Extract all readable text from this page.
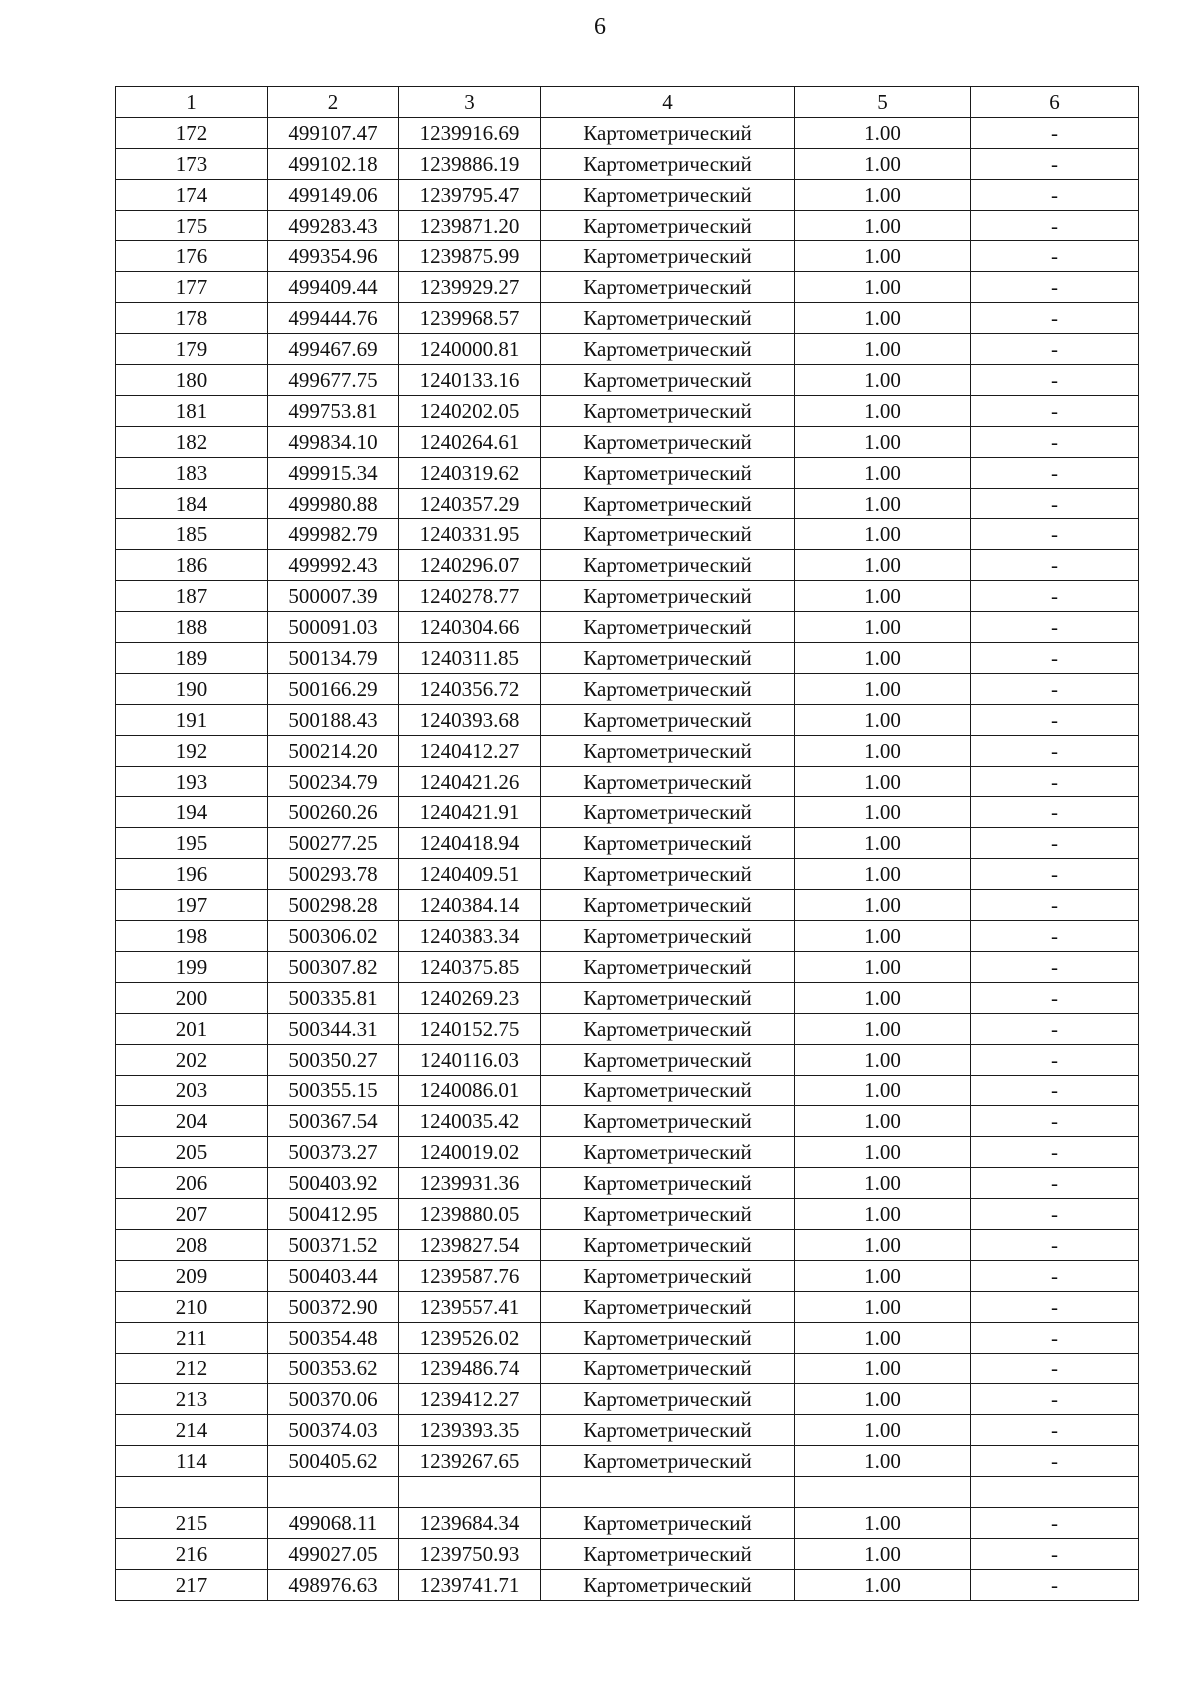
6
1	2	3	4	5	6
172	499107.47	1239916.69	Картометрический	1.00	-
173	499102.18	1239886.19	Картометрический	1.00	-
174	499149.06	1239795.47	Картометрический	1.00	-
175	499283.43	1239871.20	Картометрический	1.00	-
176	499354.96	1239875.99	Картометрический	1.00	-
177	499409.44	1239929.27	Картометрический	1.00	-
178	499444.76	1239968.57	Картометрический	1.00	-
179	499467.69	1240000.81	Картометрический	1.00	-
180	499677.75	1240133.16	Картометрический	1.00	-
181	499753.81	1240202.05	Картометрический	1.00	-
182	499834.10	1240264.61	Картометрический	1.00	-
183	499915.34	1240319.62	Картометрический	1.00	-
184	499980.88	1240357.29	Картометрический	1.00	-
185	499982.79	1240331.95	Картометрический	1.00	-
186	499992.43	1240296.07	Картометрический	1.00	-
187	500007.39	1240278.77	Картометрический	1.00	-
188	500091.03	1240304.66	Картометрический	1.00	-
189	500134.79	1240311.85	Картометрический	1.00	-
190	500166.29	1240356.72	Картометрический	1.00	-
191	500188.43	1240393.68	Картометрический	1.00	-
192	500214.20	1240412.27	Картометрический	1.00	-
193	500234.79	1240421.26	Картометрический	1.00	-
194	500260.26	1240421.91	Картометрический	1.00	-
195	500277.25	1240418.94	Картометрический	1.00	-
196	500293.78	1240409.51	Картометрический	1.00	-
197	500298.28	1240384.14	Картометрический	1.00	-
198	500306.02	1240383.34	Картометрический	1.00	-
199	500307.82	1240375.85	Картометрический	1.00	-
200	500335.81	1240269.23	Картометрический	1.00	-
201	500344.31	1240152.75	Картометрический	1.00	-
202	500350.27	1240116.03	Картометрический	1.00	-
203	500355.15	1240086.01	Картометрический	1.00	-
204	500367.54	1240035.42	Картометрический	1.00	-
205	500373.27	1240019.02	Картометрический	1.00	-
206	500403.92	1239931.36	Картометрический	1.00	-
207	500412.95	1239880.05	Картометрический	1.00	-
208	500371.52	1239827.54	Картометрический	1.00	-
209	500403.44	1239587.76	Картометрический	1.00	-
210	500372.90	1239557.41	Картометрический	1.00	-
211	500354.48	1239526.02	Картометрический	1.00	-
212	500353.62	1239486.74	Картометрический	1.00	-
213	500370.06	1239412.27	Картометрический	1.00	-
214	500374.03	1239393.35	Картометрический	1.00	-
114	500405.62	1239267.65	Картометрический	1.00	-

215	499068.11	1239684.34	Картометрический	1.00	-
216	499027.05	1239750.93	Картометрический	1.00	-
217	498976.63	1239741.71	Картометрический	1.00	-
